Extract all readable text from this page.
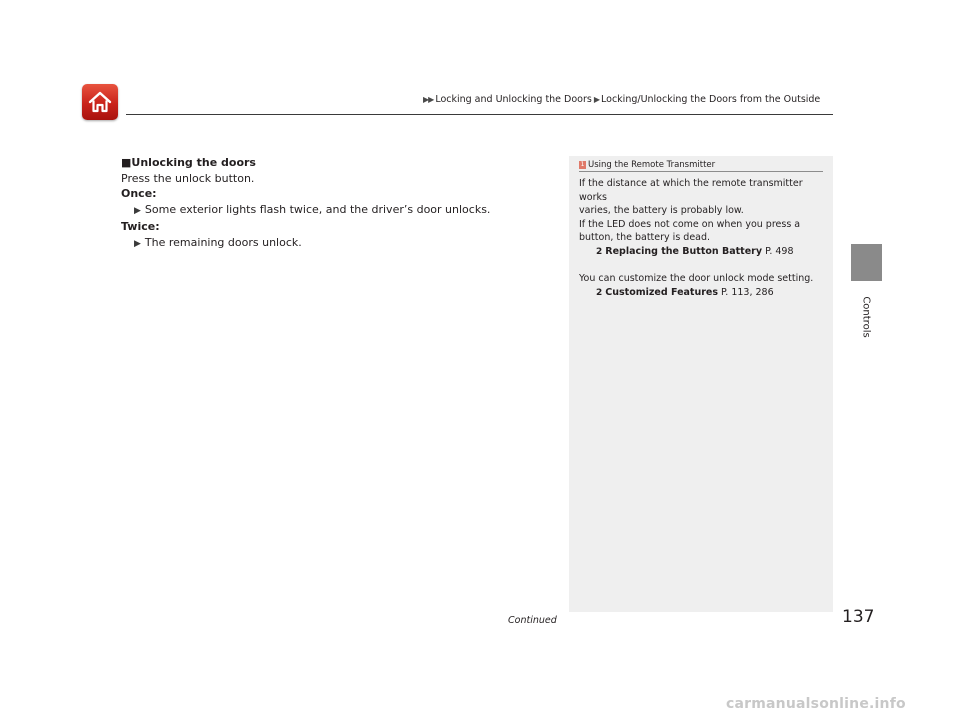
▶▶ Locking and Unlocking the Doors ▶ Locking/Unlocking the Doors from the Outside
■Unlocking the doors
Press the unlock button.
Once:
▶ Some exterior lights flash twice, and the driver’s door unlocks.
Twice:
▶ The remaining doors unlock.
1 Using the Remote Transmitter
If the distance at which the remote transmitter works
varies, the battery is probably low.
If the LED does not come on when you press a
button, the battery is dead.
2 Replacing the Button Battery P. 498
You can customize the door unlock mode setting.
2 Customized Features P. 113, 286
Controls
Continued	137
carmanualsonline.info
